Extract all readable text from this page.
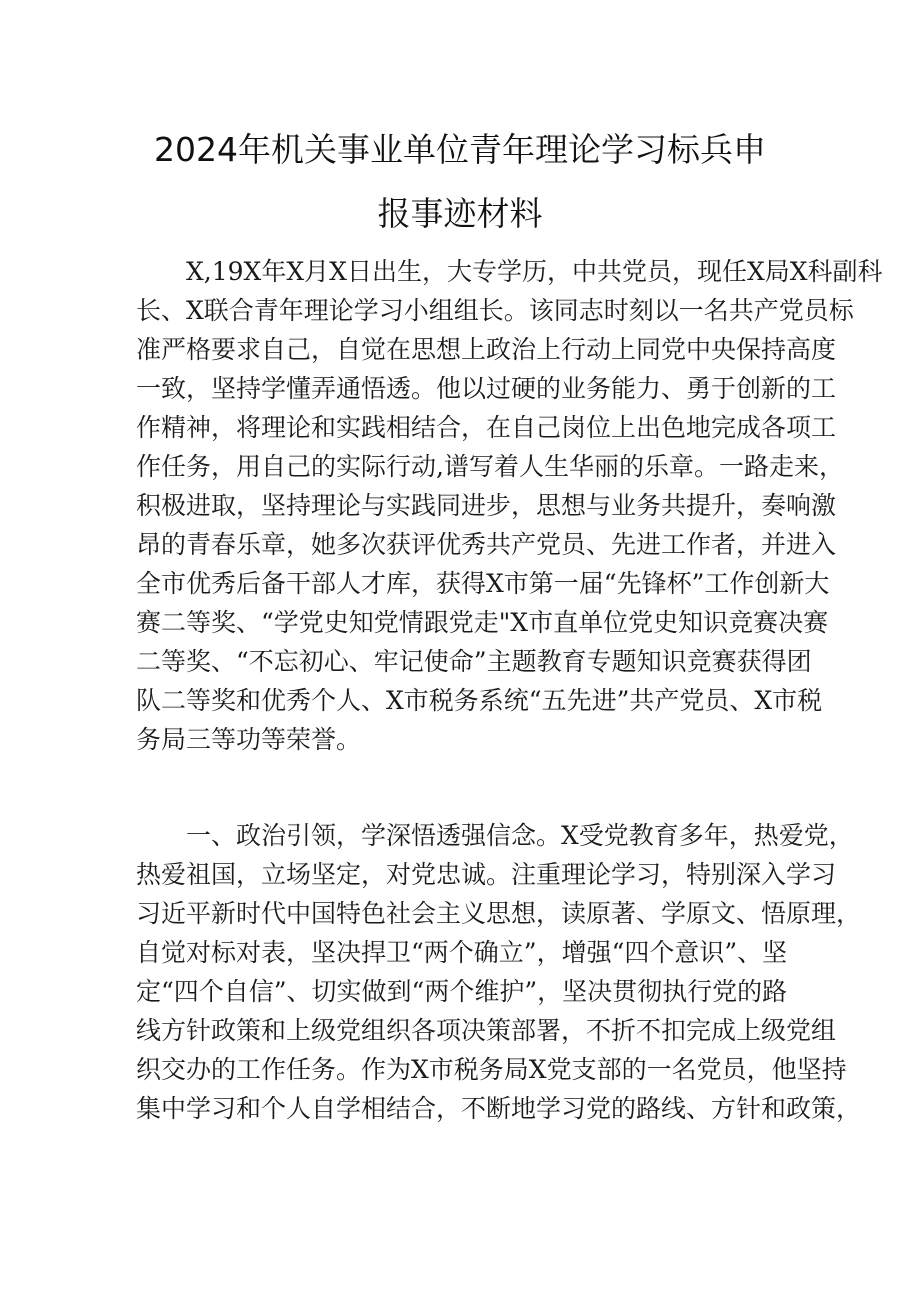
2024年机关事业单位青年理论学习标兵申
报事迹材料
X,19X年X月X日出生，大专学历，中共党员，现任X局X科副科
长、X联合青年理论学习小组组长。该同志时刻以一名共产党员标
准严格要求自己，自觉在思想上政治上行动上同党中央保持高度
一致，坚持学懂弄通悟透。他以过硬的业务能力、勇于创新的工
作精神，将理论和实践相结合，在自己岗位上出色地完成各项工
作任务，用自己的实际行动,谱写着人生华丽的乐章。一路走来，
积极进取，坚持理论与实践同进步，思想与业务共提升，奏响激
昂的青春乐章，她多次获评优秀共产党员、先进工作者，并进入
全市优秀后备干部人才库，获得X市第一届“先锋杯”工作创新大
赛二等奖、“学党史知党情跟党走"X市直单位党史知识竞赛决赛
二等奖、“不忘初心、牢记使命”主题教育专题知识竞赛获得团
队二等奖和优秀个人、X市税务系统“五先进”共产党员、X市税
务局三等功等荣誉。
一、政治引领，学深悟透强信念。X受党教育多年，热爱党，
热爱祖国，立场坚定，对党忠诚。注重理论学习，特别深入学习
习近平新时代中国特色社会主义思想，读原著、学原文、悟原理，
自觉对标对表，坚决捍卫“两个确立”，增强“四个意识”、坚
定“四个自信”、切实做到“两个维护”，坚决贯彻执行党的路
线方针政策和上级党组织各项决策部署，不折不扣完成上级党组
织交办的工作任务。作为X市税务局X党支部的一名党员，他坚持
集中学习和个人自学相结合，不断地学习党的路线、方针和政策，
